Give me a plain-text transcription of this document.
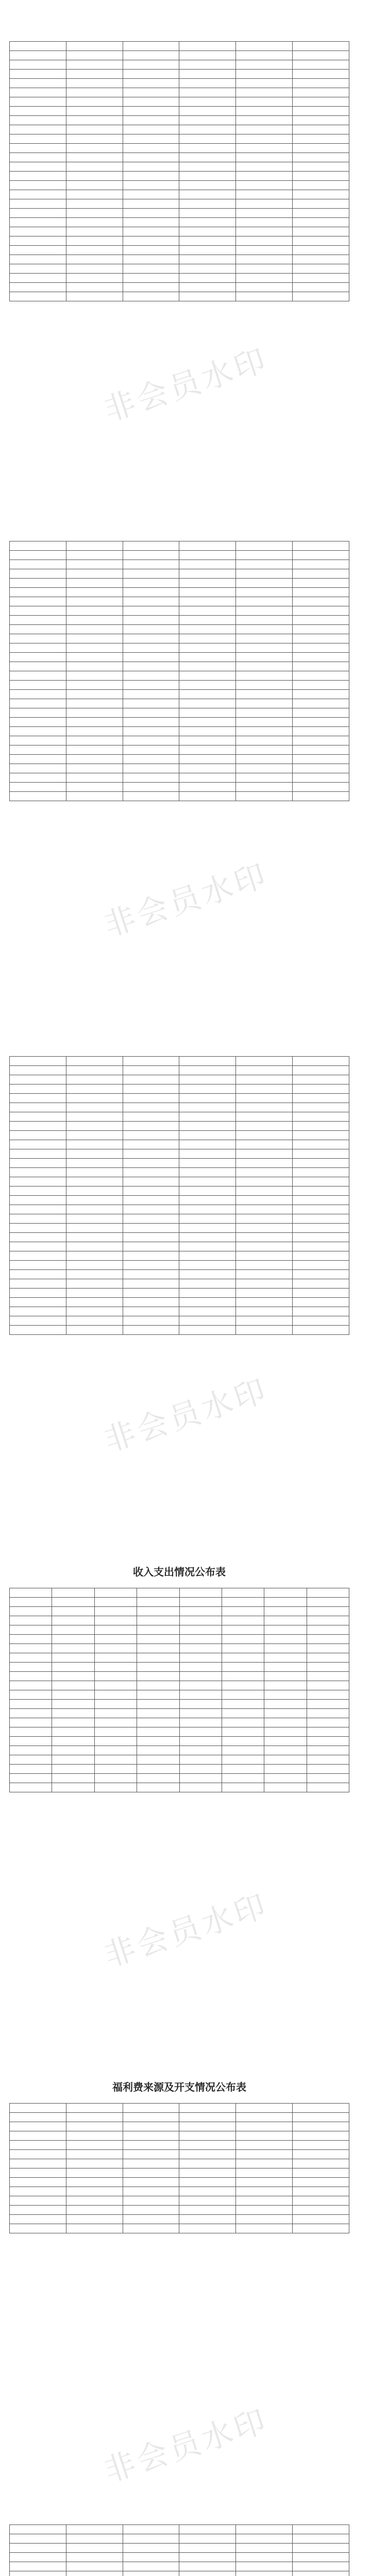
收入支出情况公布表

福利费来源及开支情况公布表

非会员水印
非会员水印
非会员水印
非会员水印
非会员水印
